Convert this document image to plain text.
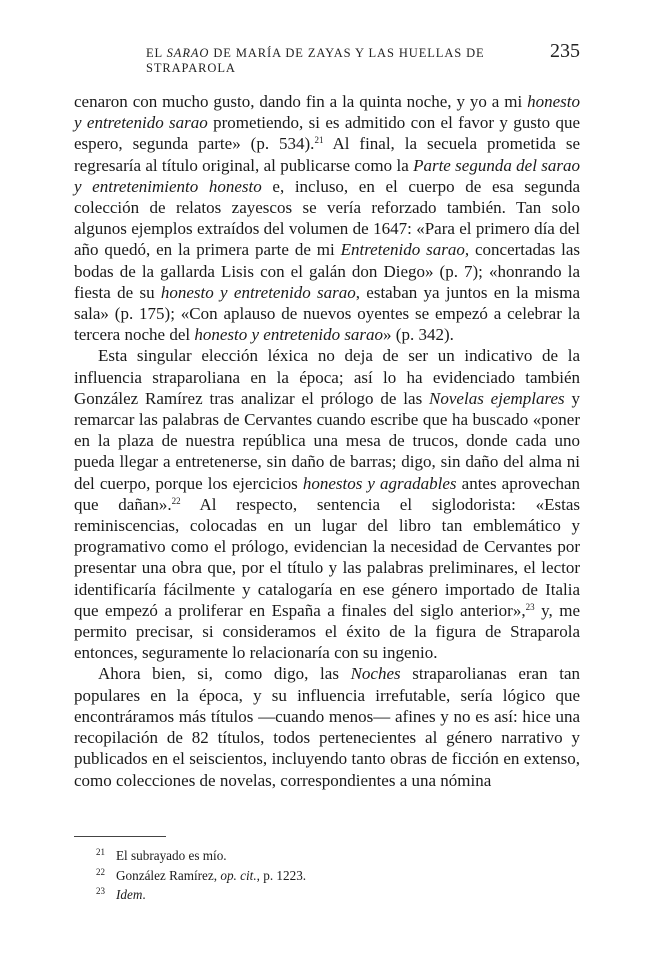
EL SARAO DE MARÍA DE ZAYAS Y LAS HUELLAS DE STRAPAROLA
235

cenaron con mucho gusto, dando fin a la quinta noche, y yo a mi honesto y entretenido sarao prometiendo, si es admitido con el favor y gusto que espero, segunda parte» (p. 534).$^{21}$ Al final, la secuela prometida se regresaría al título original, al publicarse como la Parte segunda del sarao y entretenimiento honesto e, incluso, en el cuerpo de esa segunda colección de relatos zayescos se vería reforzado también. Tan solo algunos ejemplos extraídos del volumen de 1647: «Para el primero día del año quedó, en la primera parte de mi Entretenido sarao, concertadas las bodas de la gallarda Lisis con el galán don Diego» (p. 7); «honrando la fiesta de su honesto y entretenido sarao, estaban ya juntos en la misma sala» (p. 175); «Con aplauso de nuevos oyentes se empezó a celebrar la tercera noche del honesto y entretenido sarao» (p. 342).

Esta singular elección léxica no deja de ser un indicativo de la influencia straparoliana en la época; así lo ha evidenciado también González Ramírez tras analizar el prólogo de las Novelas ejemplares y remarcar las palabras de Cervantes cuando escribe que ha buscado «poner en la plaza de nuestra república una mesa de trucos, donde cada uno pueda llegar a entretenerse, sin daño de barras; digo, sin daño del alma ni del cuerpo, porque los ejercicios honestos y agradables antes aprovechan que dañan».$^{22}$ Al respecto, sentencia el siglodorista: «Estas reminiscencias, colocadas en un lugar del libro tan emblemático y programativo como el prólogo, evidencian la necesidad de Cervantes por presentar una obra que, por el título y las palabras preliminares, el lector identificaría fácilmente y catalogaría en ese género importado de Italia que empezó a proliferar en España a finales del siglo anterior»,$^{23}$ y, me permito precisar, si consideramos el éxito de la figura de Straparola entonces, seguramente lo relacionaría con su ingenio.

Ahora bien, si, como digo, las Noches straparolianas eran tan populares en la época, y su influencia irrefutable, sería lógico que encontráramos más títulos —cuando menos— afines y no es así: hice una recopilación de 82 títulos, todos pertenecientes al género narrativo y publicados en el seiscientos, incluyendo tanto obras de ficción en extenso, como colecciones de novelas, correspondientes a una nómina

21 El subrayado es mío.
22 González Ramírez, op. cit., p. 1223.
23 Idem.
